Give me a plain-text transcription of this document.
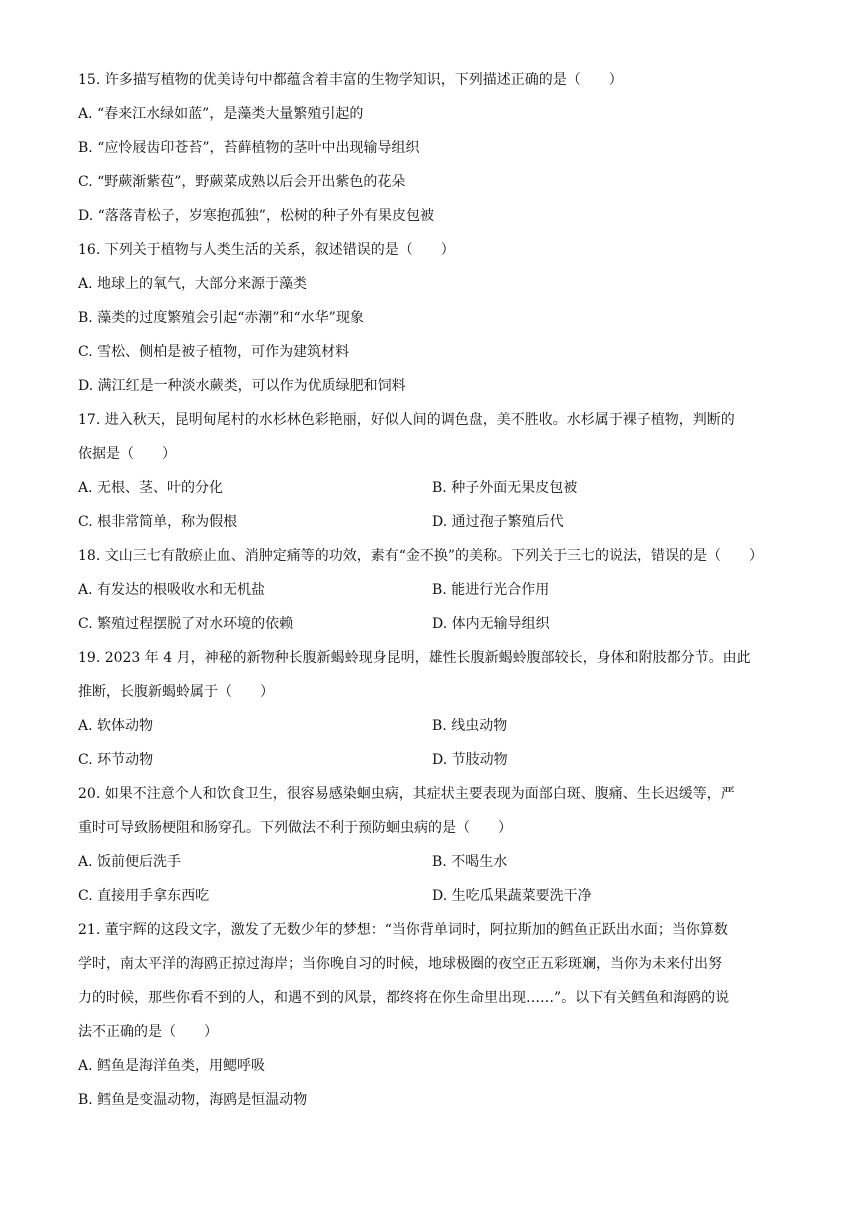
15. 许多描写植物的优美诗句中都蕴含着丰富的生物学知识，下列描述正确的是（　　）
A. “春来江水绿如蓝”，是藻类大量繁殖引起的
B. “应怜屐齿印苍苔”，苔藓植物的茎叶中出现输导组织
C. “野蕨渐紫苞”，野蕨菜成熟以后会开出紫色的花朵
D. “落落青松子，岁寒抱孤独”，松树的种子外有果皮包被
16. 下列关于植物与人类生活的关系，叙述错误的是（　　）
A. 地球上的氧气，大部分来源于藻类
B. 藻类的过度繁殖会引起“赤潮”和“水华”现象
C. 雪松、侧柏是被子植物，可作为建筑材料
D. 满江红是一种淡水蕨类，可以作为优质绿肥和饲料
17. 进入秋天，昆明甸尾村的水杉林色彩艳丽，好似人间的调色盘，美不胜收。水杉属于裸子植物，判断的
依据是（　　）
A. 无根、茎、叶的分化	B. 种子外面无果皮包被
C. 根非常简单，称为假根	D. 通过孢子繁殖后代
18. 文山三七有散瘀止血、消肿定痛等的功效，素有“金不换”的美称。下列关于三七的说法，错误的是（　　）
A. 有发达的根吸收水和无机盐	B. 能进行光合作用
C. 繁殖过程摆脱了对水环境的依赖	D. 体内无输导组织
19. 2023 年 4 月，神秘的新物种长腹新蝎蛉现身昆明，雄性长腹新蝎蛉腹部较长，身体和附肢都分节。由此
推断，长腹新蝎蛉属于（　　）
A. 软体动物	B. 线虫动物
C. 环节动物	D. 节肢动物
20. 如果不注意个人和饮食卫生，很容易感染蛔虫病，其症状主要表现为面部白斑、腹痛、生长迟缓等，严
重时可导致肠梗阻和肠穿孔。下列做法不利于预防蛔虫病的是（　　）
A. 饭前便后洗手	B. 不喝生水
C. 直接用手拿东西吃	D. 生吃瓜果蔬菜要洗干净
21. 董宇辉的这段文字，激发了无数少年的梦想：“当你背单词时，阿拉斯加的鳕鱼正跃出水面；当你算数
学时，南太平洋的海鸥正掠过海岸；当你晚自习的时候，地球极圈的夜空正五彩斑斓，当你为未来付出努
力的时候，那些你看不到的人，和遇不到的风景，都终将在你生命里出现……”。以下有关鳕鱼和海鸥的说
法不正确的是（　　）
A. 鳕鱼是海洋鱼类，用鳃呼吸
B. 鳕鱼是变温动物，海鸥是恒温动物
